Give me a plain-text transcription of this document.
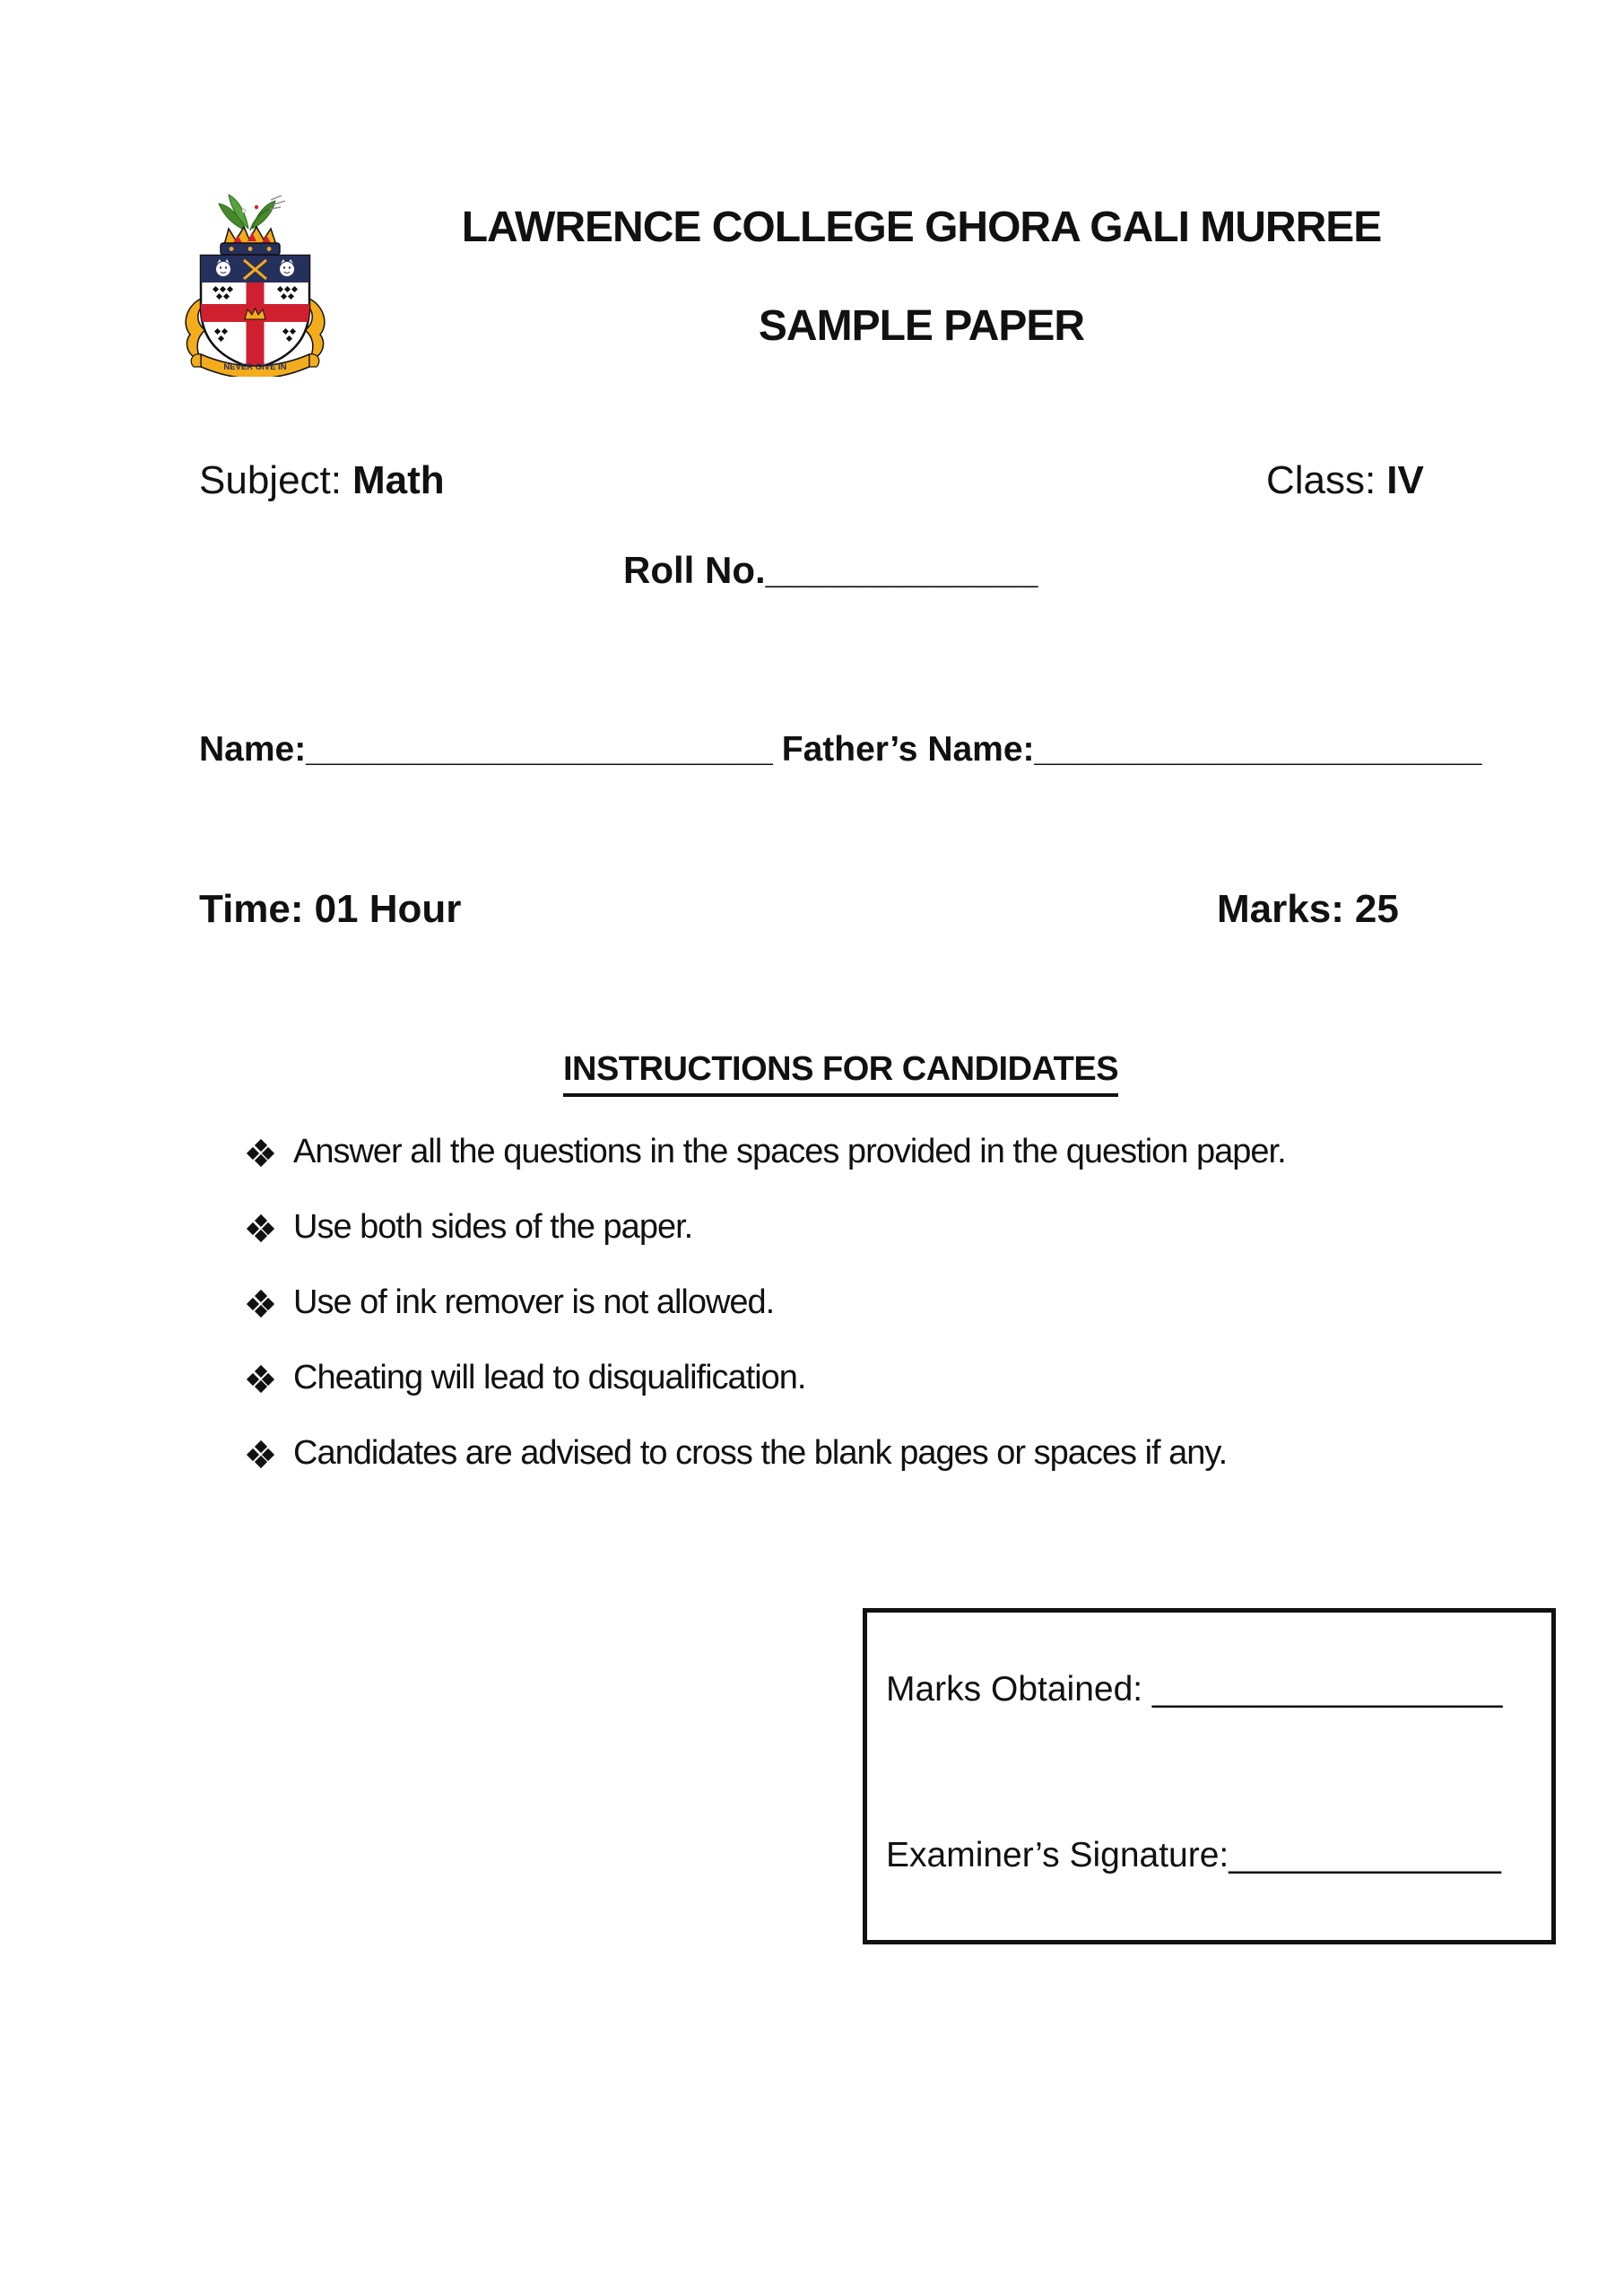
NEVER GIVE IN
LAWRENCE COLLEGE GHORA GALI MURREE
SAMPLE PAPER
Subject: Math	Class: IV
Roll No._____________
Name:________________________ Father’s Name:_______________________
Time: 01 Hour	Marks: 25
INSTRUCTIONS FOR CANDIDATES
Answer all the questions in the spaces provided in the question paper.
Use both sides of the paper.
Use of ink remover is not allowed.
Cheating will lead to disqualification.
Candidates are advised to cross the blank pages or spaces if any.
Marks Obtained: __________________
Examiner’s Signature:______________
